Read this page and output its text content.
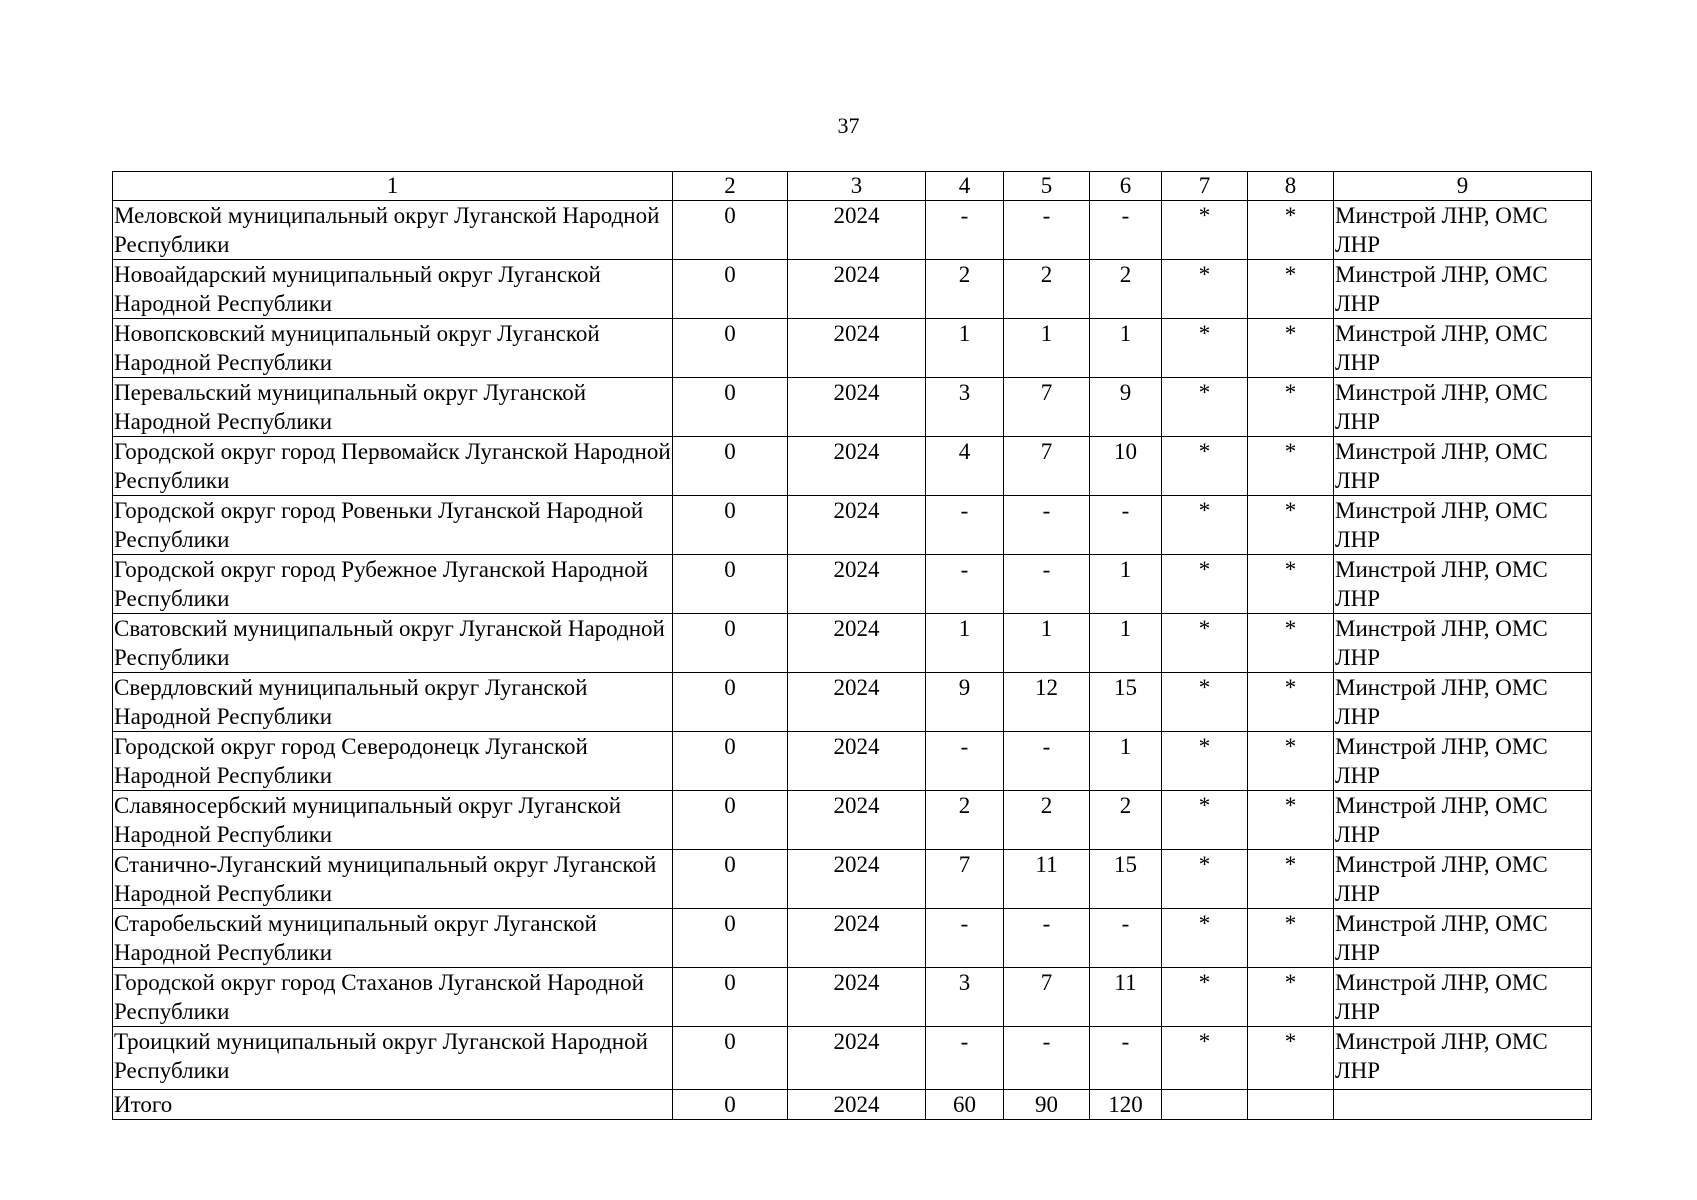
37
1	2	3	4	5	6	7	8	9
Меловской муниципальный округ Луганской Народной Республики	0	2024	-	-	-	*	*	Минстрой ЛНР, ОМС ЛНР
Новоайдарский муниципальный округ Луганской Народной Республики	0	2024	2	2	2	*	*	Минстрой ЛНР, ОМС ЛНР
Новопсковский муниципальный округ Луганской Народной Республики	0	2024	1	1	1	*	*	Минстрой ЛНР, ОМС ЛНР
Перевальский муниципальный округ Луганской Народной Республики	0	2024	3	7	9	*	*	Минстрой ЛНР, ОМС ЛНР
Городской округ город Первомайск Луганской Народной Республики	0	2024	4	7	10	*	*	Минстрой ЛНР, ОМС ЛНР
Городской округ город Ровеньки Луганской Народной Республики	0	2024	-	-	-	*	*	Минстрой ЛНР, ОМС ЛНР
Городской округ город Рубежное Луганской Народной Республики	0	2024	-	-	1	*	*	Минстрой ЛНР, ОМС ЛНР
Сватовский муниципальный округ Луганской Народной Республики	0	2024	1	1	1	*	*	Минстрой ЛНР, ОМС ЛНР
Свердловский муниципальный округ Луганской Народной Республики	0	2024	9	12	15	*	*	Минстрой ЛНР, ОМС ЛНР
Городской округ город Северодонецк Луганской Народной Республики	0	2024	-	-	1	*	*	Минстрой ЛНР, ОМС ЛНР
Славяносербский муниципальный округ Луганской Народной Республики	0	2024	2	2	2	*	*	Минстрой ЛНР, ОМС ЛНР
Станично-Луганский муниципальный округ Луганской Народной Республики	0	2024	7	11	15	*	*	Минстрой ЛНР, ОМС ЛНР
Старобельский муниципальный округ Луганской Народной Республики	0	2024	-	-	-	*	*	Минстрой ЛНР, ОМС ЛНР
Городской округ город Стаханов Луганской Народной Республики	0	2024	3	7	11	*	*	Минстрой ЛНР, ОМС ЛНР
Троицкий муниципальный округ Луганской Народной Республики	0	2024	-	-	-	*	*	Минстрой ЛНР, ОМС ЛНР
Итого	0	2024	60	90	120			
